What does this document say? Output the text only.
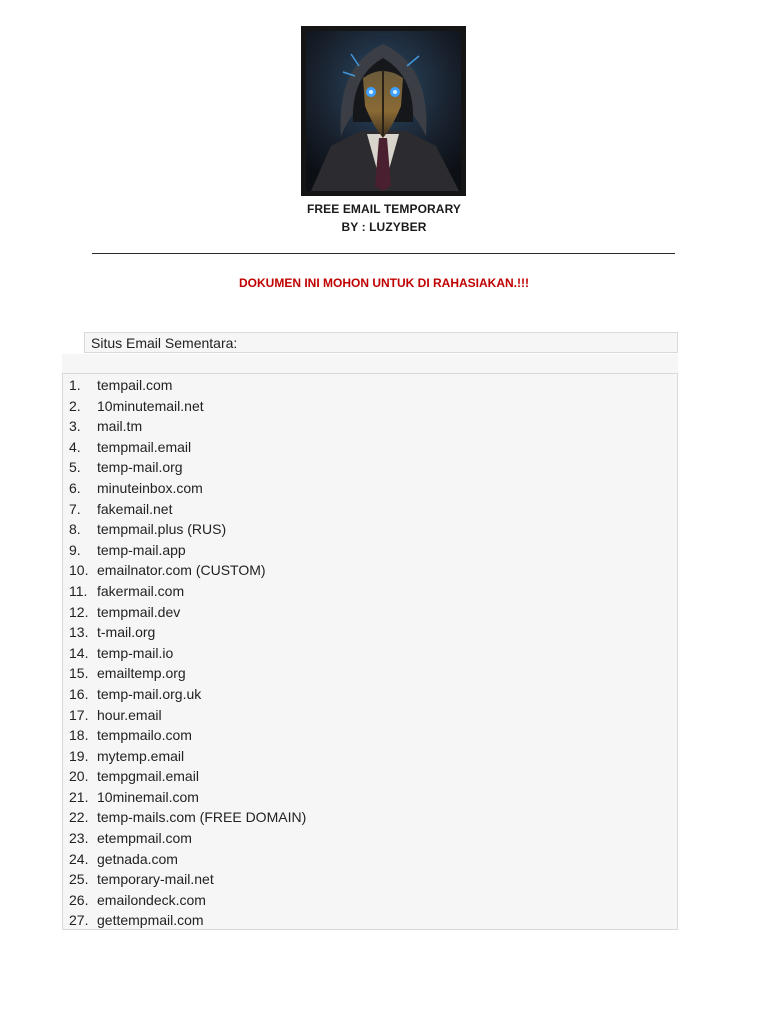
FREE EMAIL TEMPORARY
BY : LUZYBER
DOKUMEN INI MOHON UNTUK DI RAHASIAKAN.!!!
Situs Email Sementara:
1.	tempail.com
2.	10minutemail.net
3.	mail.tm
4.	tempmail.email
5.	temp-mail.org
6.	minuteinbox.com
7.	fakemail.net
8.	tempmail.plus (RUS)
9.	temp-mail.app
10. emailnator.com (CUSTOM)
11. fakermail.com
12. tempmail.dev
13. t-mail.org
14. temp-mail.io
15. emailtemp.org
16. temp-mail.org.uk
17. hour.email
18. tempmailo.com
19. mytemp.email
20. tempgmail.email
21. 10minemail.com
22. temp-mails.com (FREE DOMAIN)
23. etempmail.com
24. getnada.com
25. temporary-mail.net
26. emailondeck.com
27. gettempmail.com
